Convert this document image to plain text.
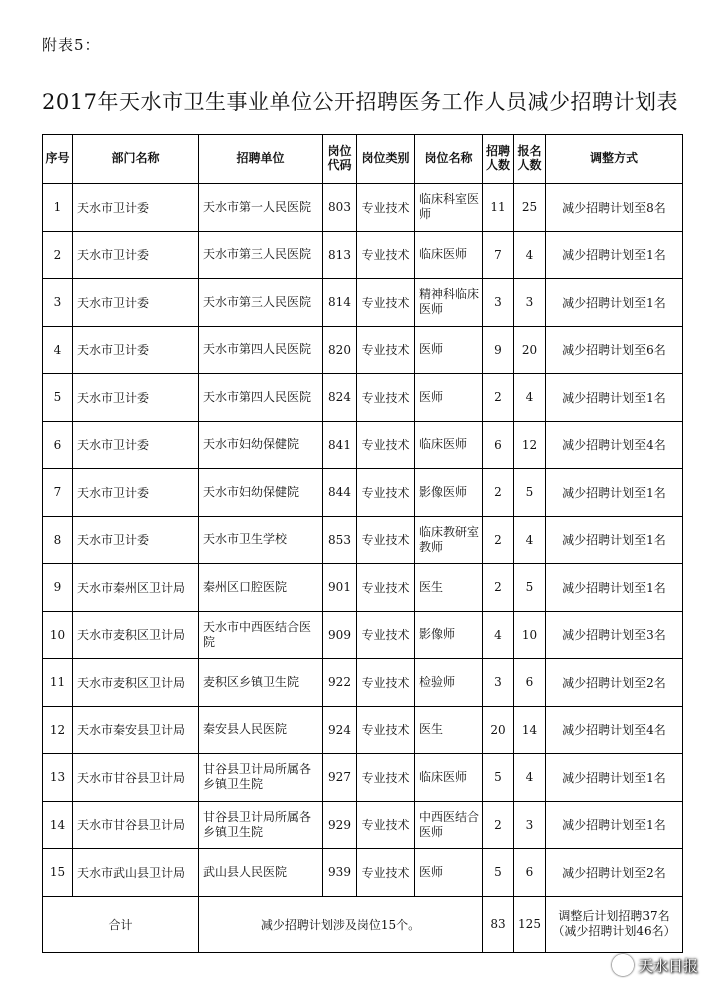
附表5：
2017年天水市卫生事业单位公开招聘医务工作人员减少招聘计划表
序号	部门名称	招聘单位	岗位代码	岗位类别	岗位名称	招聘人数	报名人数	调整方式
1	天水市卫计委	天水市第一人民医院	803	专业技术	临床科室医师	11	25	减少招聘计划至8名
2	天水市卫计委	天水市第三人民医院	813	专业技术	临床医师	7	4	减少招聘计划至1名
3	天水市卫计委	天水市第三人民医院	814	专业技术	精神科临床医师	3	3	减少招聘计划至1名
4	天水市卫计委	天水市第四人民医院	820	专业技术	医师	9	20	减少招聘计划至6名
5	天水市卫计委	天水市第四人民医院	824	专业技术	医师	2	4	减少招聘计划至1名
6	天水市卫计委	天水市妇幼保健院	841	专业技术	临床医师	6	12	减少招聘计划至4名
7	天水市卫计委	天水市妇幼保健院	844	专业技术	影像医师	2	5	减少招聘计划至1名
8	天水市卫计委	天水市卫生学校	853	专业技术	临床教研室教师	2	4	减少招聘计划至1名
9	天水市秦州区卫计局	秦州区口腔医院	901	专业技术	医生	2	5	减少招聘计划至1名
10	天水市麦积区卫计局	天水市中西医结合医院	909	专业技术	影像师	4	10	减少招聘计划至3名
11	天水市麦积区卫计局	麦积区乡镇卫生院	922	专业技术	检验师	3	6	减少招聘计划至2名
12	天水市秦安县卫计局	秦安县人民医院	924	专业技术	医生	20	14	减少招聘计划至4名
13	天水市甘谷县卫计局	甘谷县卫计局所属各乡镇卫生院	927	专业技术	临床医师	5	4	减少招聘计划至1名
14	天水市甘谷县卫计局	甘谷县卫计局所属各乡镇卫生院	929	专业技术	中西医结合医师	2	3	减少招聘计划至1名
15	天水市武山县卫计局	武山县人民医院	939	专业技术	医师	5	6	减少招聘计划至2名
合计		减少招聘计划涉及岗位15个。				83	125	调整后计划招聘37名（减少招聘计划46名）
天水日报
